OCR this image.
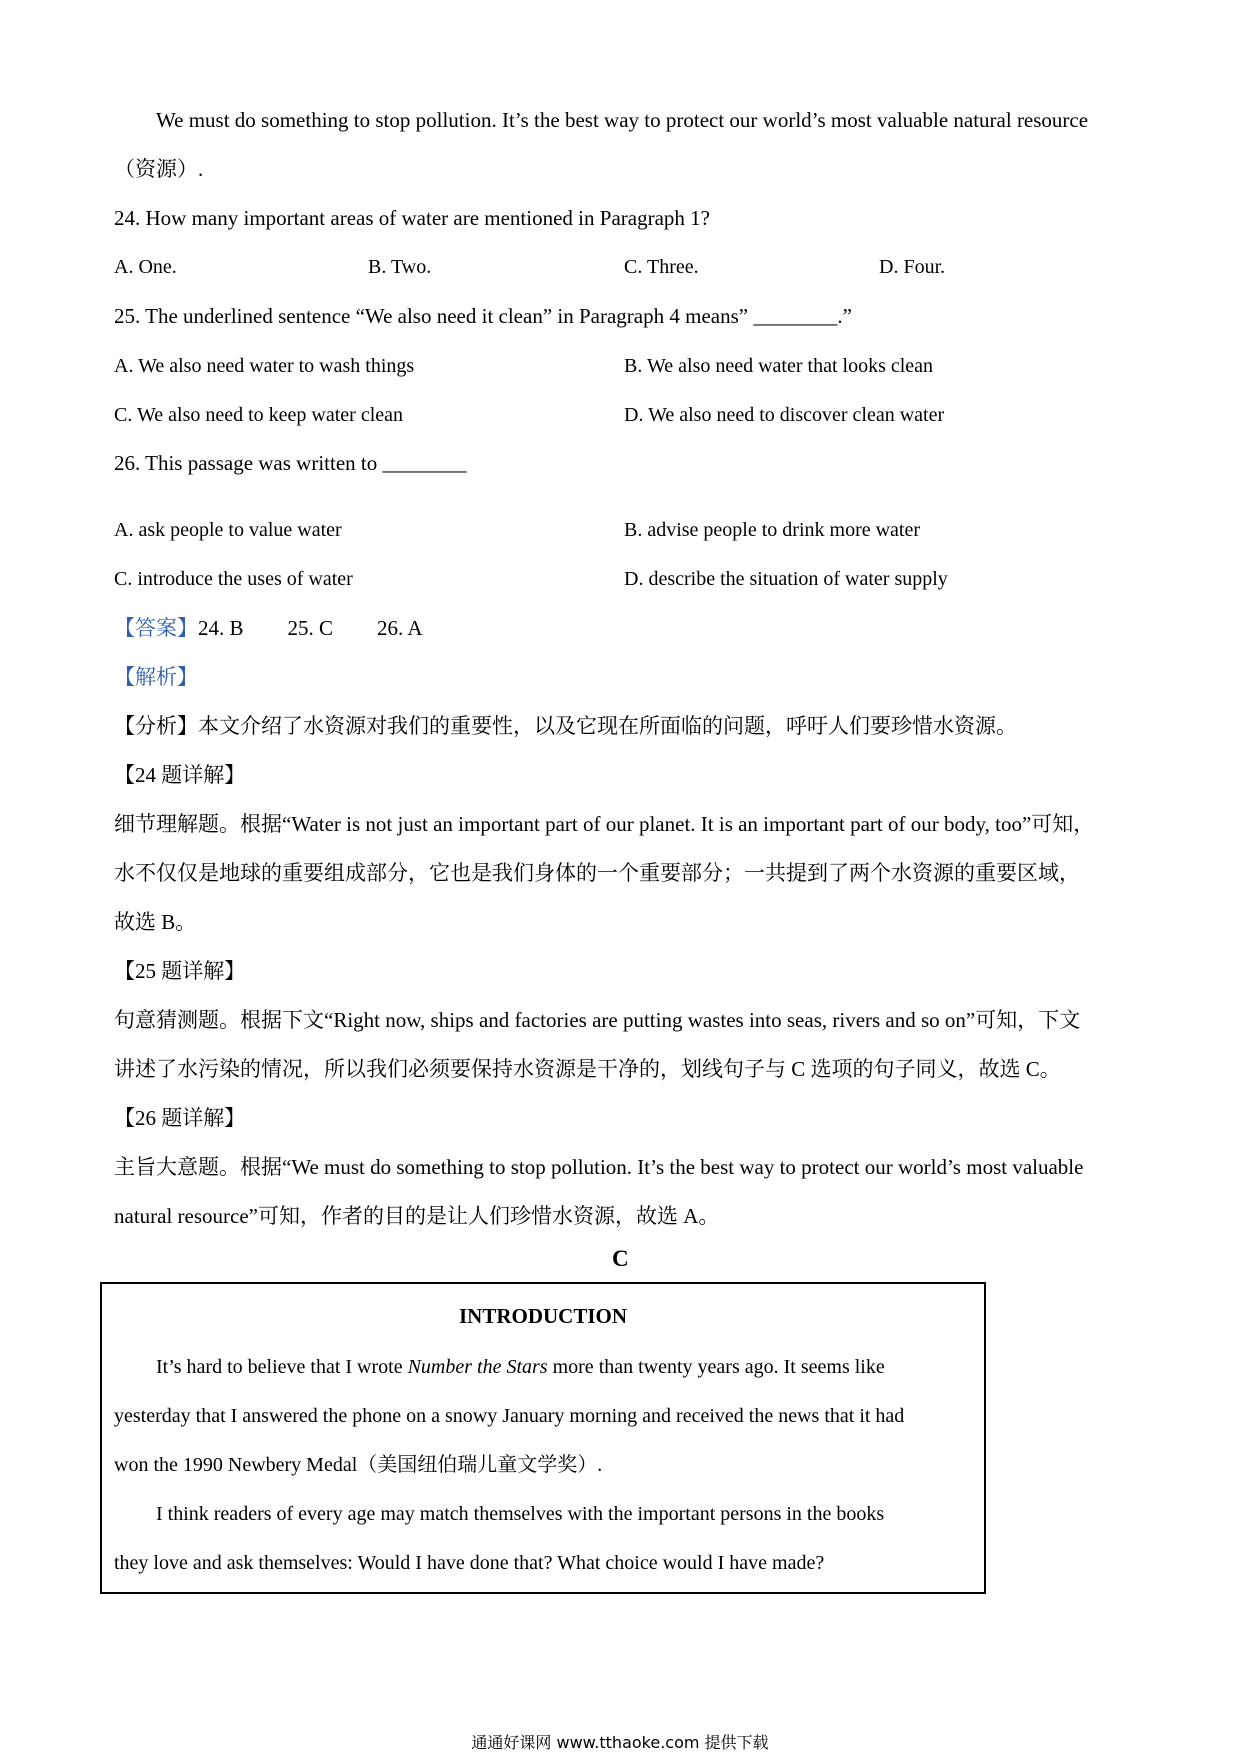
We must do something to stop pollution. It’s the best way to protect our world’s most valuable natural resource
（资源）.
24. How many important areas of water are mentioned in Paragraph 1?
A. One.	B. Two.	C. Three.	D. Four.
25. The underlined sentence “We also need it clean” in Paragraph 4 means” ________.”
A. We also need water to wash things	B. We also need water that looks clean
C. We also need to keep water clean	D. We also need to discover clean water
26. This passage was written to ________
A. ask people to value water	B. advise people to drink more water
C. introduce the uses of water	D. describe the situation of water supply
【答案】24. B 25. C 26. A
【解析】
【分析】本文介绍了水资源对我们的重要性，以及它现在所面临的问题，呼吁人们要珍惜水资源。
【24 题详解】
细节理解题。根据“Water is not just an important part of our planet. It is an important part of our body, too”可知，
水不仅仅是地球的重要组成部分，它也是我们身体的一个重要部分；一共提到了两个水资源的重要区域，
故选 B。
【25 题详解】
句意猜测题。根据下文“Right now, ships and factories are putting wastes into seas, rivers and so on”可知，下文
讲述了水污染的情况，所以我们必须要保持水资源是干净的，划线句子与 C 选项的句子同义，故选 C。
【26 题详解】
主旨大意题。根据“We must do something to stop pollution. It’s the best way to protect our world’s most valuable
natural resource”可知，作者的目的是让人们珍惜水资源，故选 A。
C
INTRODUCTION
It’s hard to believe that I wrote Number the Stars more than twenty years ago. It seems like
yesterday that I answered the phone on a snowy January morning and received the news that it had
won the 1990 Newbery Medal（美国纽伯瑞儿童文学奖）.
I think readers of every age may match themselves with the important persons in the books
they love and ask themselves: Would I have done that? What choice would I have made?
通通好课网 www.tthaoke.com 提供下载
